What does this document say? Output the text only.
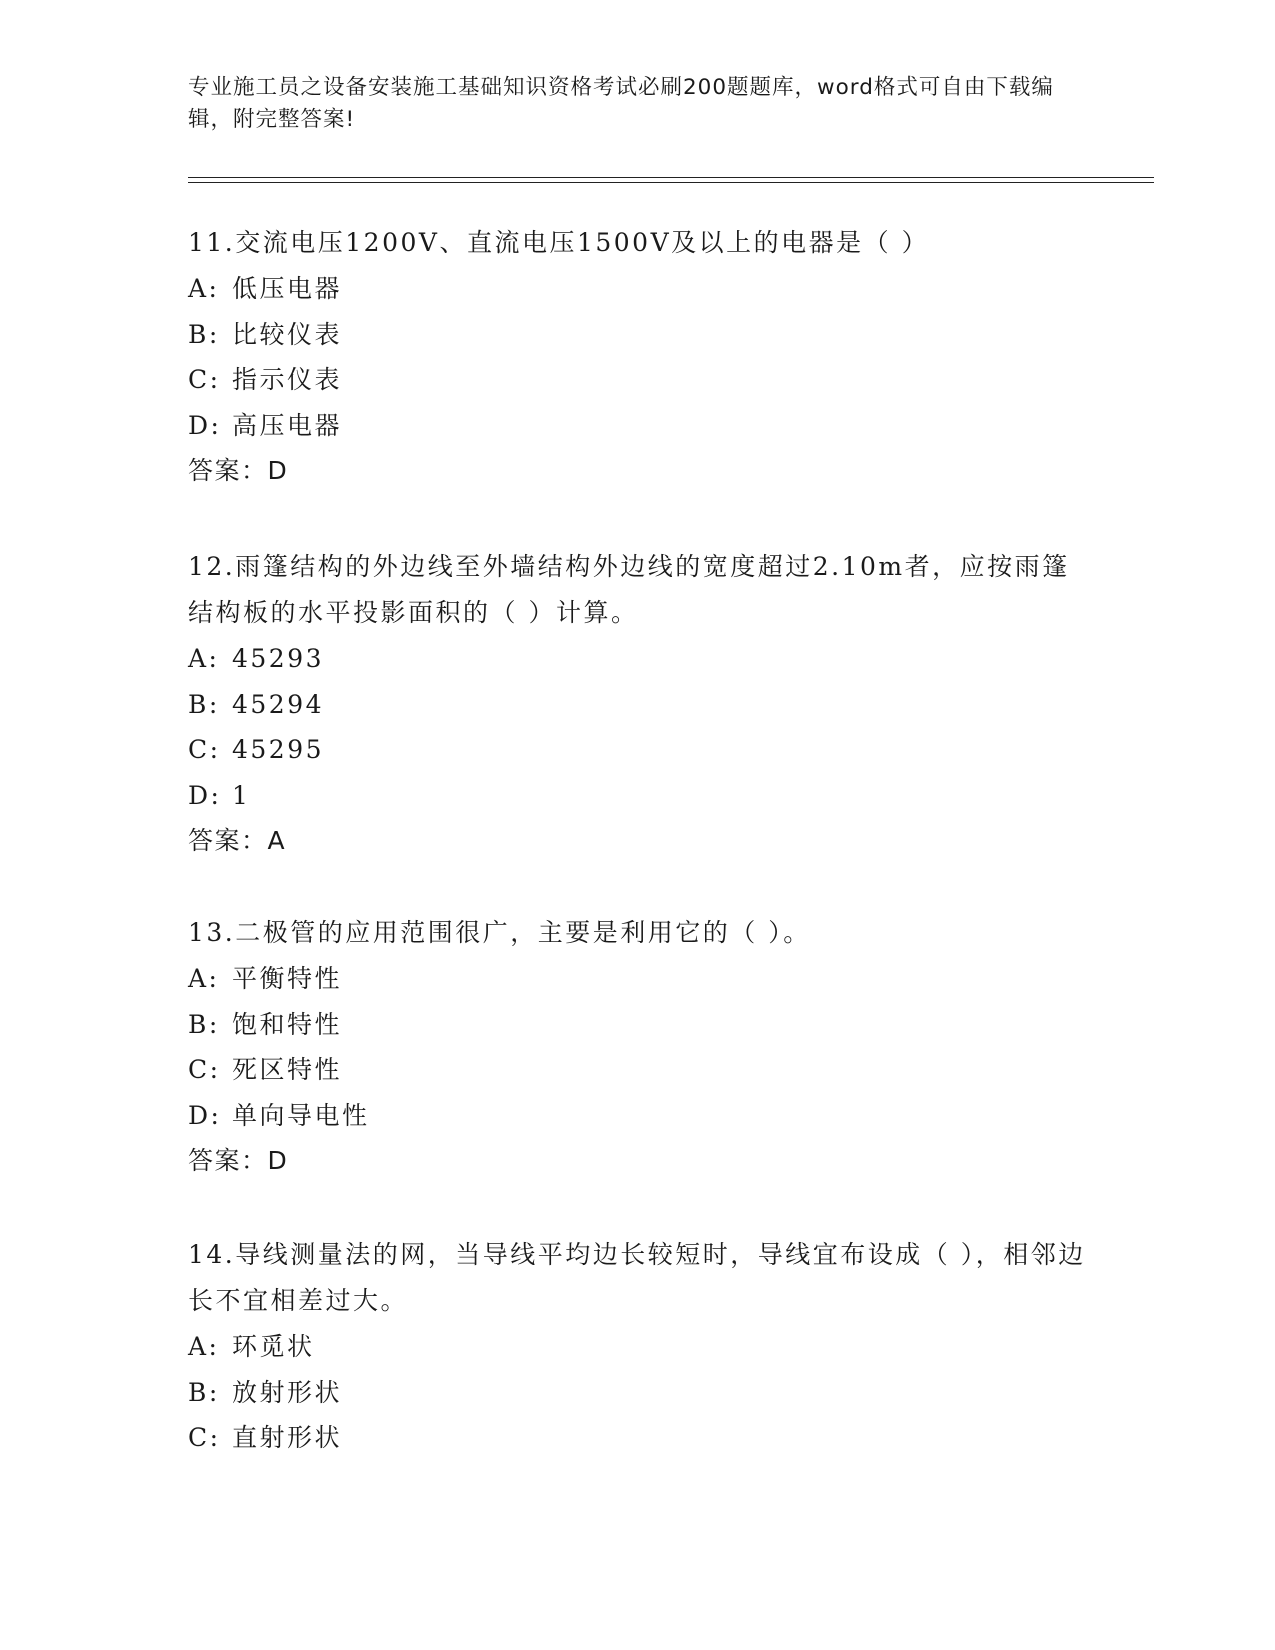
专业施工员之设备安装施工基础知识资格考试必刷200题题库，word格式可自由下载编辑，附完整答案!

11.交流电压1200V、直流电压1500V及以上的电器是（ ）

A: 低压电器
B: 比较仪表
C: 指示仪表
D: 高压电器

答案：D

12.雨篷结构的外边线至外墙结构外边线的宽度超过2.10m者，应按雨篷结构板的水平投影面积的（ ）计算。

A: 45293
B: 45294
C: 45295
D: 1

答案：A

13.二极管的应用范围很广，主要是利用它的（ ）。

A: 平衡特性
B: 饱和特性
C: 死区特性
D: 单向导电性

答案：D

14.导线测量法的网，当导线平均边长较短时，导线宜布设成（ ），相邻边长不宜相差过大。

A: 环觅状
B: 放射形状
C: 直射形状
